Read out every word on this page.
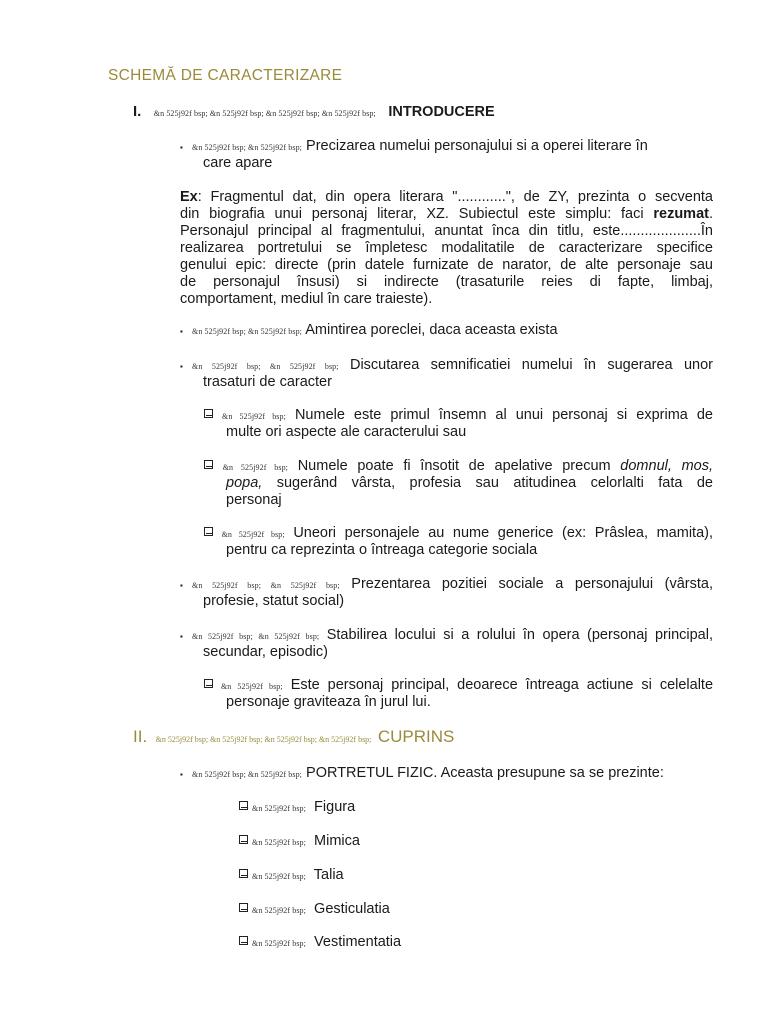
SCHEMĂ DE CARACTERIZARE
I. &n 525j92f bsp; &n 525j92f bsp; &n 525j92f bsp; &n 525j92f bsp; INTRODUCERE
▪ &n 525j92f bsp; &n 525j92f bsp; Precizarea numelui personajului si a operei literare în
care apare
Ex: Fragmentul dat, din opera literara "............", de ZY, prezinta o secventa
din biografia unui personaj literar, XZ. Subiectul este simplu: faci rezumat.
Personajul principal al fragmentului, anuntat înca din titlu, este....................În
realizarea portretului se împletesc modalitatile de caracterizare specifice
genului epic: directe (prin datele furnizate de narator, de alte personaje sau
de personajul însusi) si indirecte (trasaturile reies di fapte, limbaj,
comportament, mediul în care traieste).
▪ &n 525j92f bsp; &n 525j92f bsp; Amintirea poreclei, daca aceasta exista
▪ &n 525j92f bsp; &n 525j92f bsp; Discutarea semnificatiei numelui în sugerarea unor
trasaturi de caracter
&n 525j92f bsp; Numele este primul însemn al unui personaj si exprima de
multe ori aspecte ale caracterului sau
&n 525j92f bsp; Numele poate fi însotit de apelative precum domnul, mos,
popa, sugerând vârsta, profesia sau atitudinea celorlalti fata de
personaj
&n 525j92f bsp; Uneori personajele au nume generice (ex: Prâslea, mamita),
pentru ca reprezinta o întreaga categorie sociala
▪ &n 525j92f bsp; &n 525j92f bsp; Prezentarea pozitiei sociale a personajului (vârsta,
profesie, statut social)
▪ &n 525j92f bsp; &n 525j92f bsp; Stabilirea locului si a rolului în opera (personaj principal,
secundar, episodic)
&n 525j92f bsp; Este personaj principal, deoarece întreaga actiune si celelalte
personaje graviteaza în jurul lui.
II. &n 525j92f bsp; &n 525j92f bsp; &n 525j92f bsp; &n 525j92f bsp; CUPRINS
▪ &n 525j92f bsp; &n 525j92f bsp; PORTRETUL FIZIC. Aceasta presupune sa se prezinte:
&n 525j92f bsp; Figura
&n 525j92f bsp; Mimica
&n 525j92f bsp; Talia
&n 525j92f bsp; Gesticulatia
&n 525j92f bsp; Vestimentatia
